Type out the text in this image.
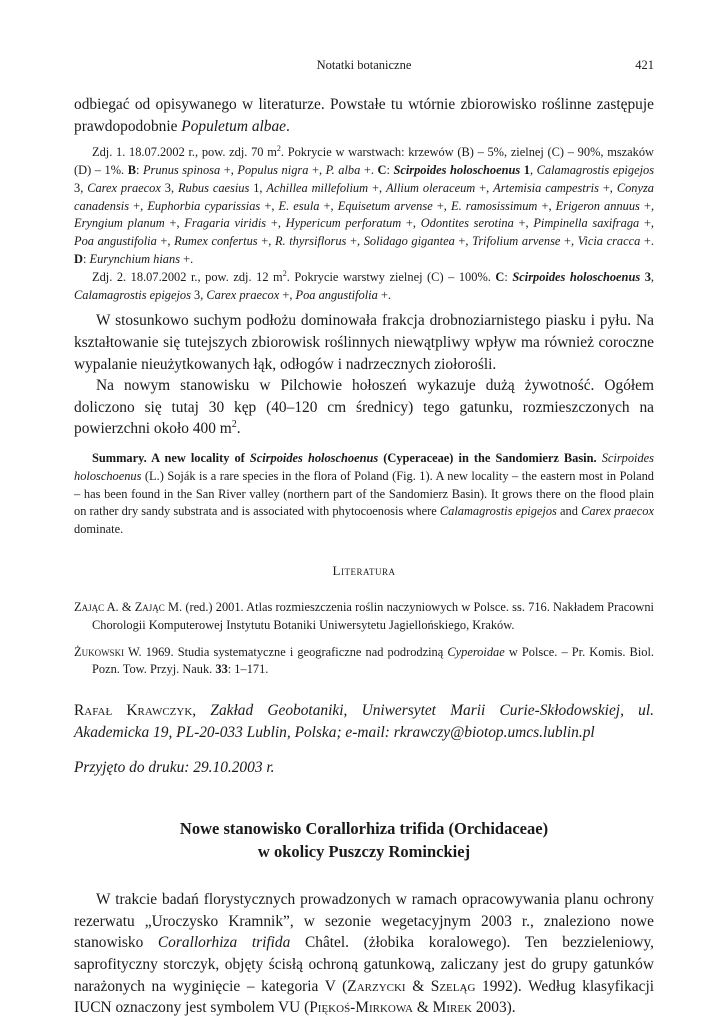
Notatki botaniczne	421

odbiegać od opisywanego w literaturze. Powstałe tu wtórnie zbiorowisko roślinne zastępuje prawdopodobnie Populetum albae.

Zdj. 1. 18.07.2002 r., pow. zdj. 70 $m^2$. Pokrycie w warstwach: krzewów (B) – 5%, zielnej (C) – 90%, mszaków (D) – 1%. B: Prunus spinosa +, Populus nigra +, P. alba +. C: Scirpoides holoschoenus 1, Calamagrostis epigejos 3, Carex praecox 3, Rubus caesius 1, Achillea millefolium +, Allium oleraceum +, Artemisia campestris +, Conyza canadensis +, Euphorbia cyparissias +, E. esula +, Equisetum arvense +, E. ramosissimum +, Erigeron annuus +, Eryngium planum +, Fragaria viridis +, Hypericum perforatum +, Odontites serotina +, Pimpinella saxifraga +, Poa angustifolia +, Rumex confertus +, R. thyrsiflorus +, Solidago gigantea +, Trifolium arvense +, Vicia cracca +. D: Eurynchium hians +.

Zdj. 2. 18.07.2002 r., pow. zdj. 12 $m^2$. Pokrycie warstwy zielnej (C) – 100%. C: Scirpoides holoschoenus 3, Calamagrostis epigejos 3, Carex praecox +, Poa angustifolia +.

W stosunkowo suchym podłożu dominowała frakcja drobnoziarnistego piasku i pyłu. Na kształtowanie się tutejszych zbiorowisk roślinnych niewątpliwy wpływ ma również coroczne wypalanie nieużytkowanych łąk, odłogów i nadrzecznych ziołorośli.

Na nowym stanowisku w Pilchowie hołoszeń wykazuje dużą żywotność. Ogółem doliczono się tutaj 30 kęp (40–120 cm średnicy) tego gatunku, rozmieszczonych na powierzchni około 400 $m^2$.

Summary. A new locality of Scirpoides holoschoenus (Cyperaceae) in the Sandomierz Basin. Scirpoides holoschoenus (L.) Soják is a rare species in the flora of Poland (Fig. 1). A new locality – the eastern most in Poland – has been found in the San River valley (northern part of the Sandomierz Basin). It grows there on the flood plain on rather dry sandy substrata and is associated with phytocoenosis where Calamagrostis epigejos and Carex praecox dominate.

Literatura

Zając A. & Zając M. (red.) 2001. Atlas rozmieszczenia roślin naczyniowych w Polsce. ss. 716. Nakładem Pracowni Chorologii Komputerowej Instytutu Botaniki Uniwersytetu Jagiellońskiego, Kraków.

Żukowski W. 1969. Studia systematyczne i geograficzne nad podrodziną Cyperoidae w Polsce. – Pr. Komis. Biol. Pozn. Tow. Przyj. Nauk. 33: 1–171.

Rafał Krawczyk, Zakład Geobotaniki, Uniwersytet Marii Curie-Skłodowskiej, ul. Akademicka 19, PL-20-033 Lublin, Polska; e-mail: rkrawczy@biotop.umcs.lublin.pl

Przyjęto do druku: 29.10.2003 r.

Nowe stanowisko Corallorhiza trifida (Orchidaceae)

w okolicy Puszczy Rominckiej

W trakcie badań florystycznych prowadzonych w ramach opracowywania planu ochrony rezerwatu „Uroczysko Kramnik”, w sezonie wegetacyjnym 2003 r., znaleziono nowe stanowisko Corallorhiza trifida Châtel. (żłobika koralowego). Ten bezzieleniowy, saprofityczny storczyk, objęty ścisłą ochroną gatunkową, zaliczany jest do grupy gatunków narażonych na wyginięcie – kategoria V (Zarzycki & Szeląg 1992). Według klasyfikacji IUCN oznaczony jest symbolem VU (Piękoś-Mirkowa & Mirek 2003).
